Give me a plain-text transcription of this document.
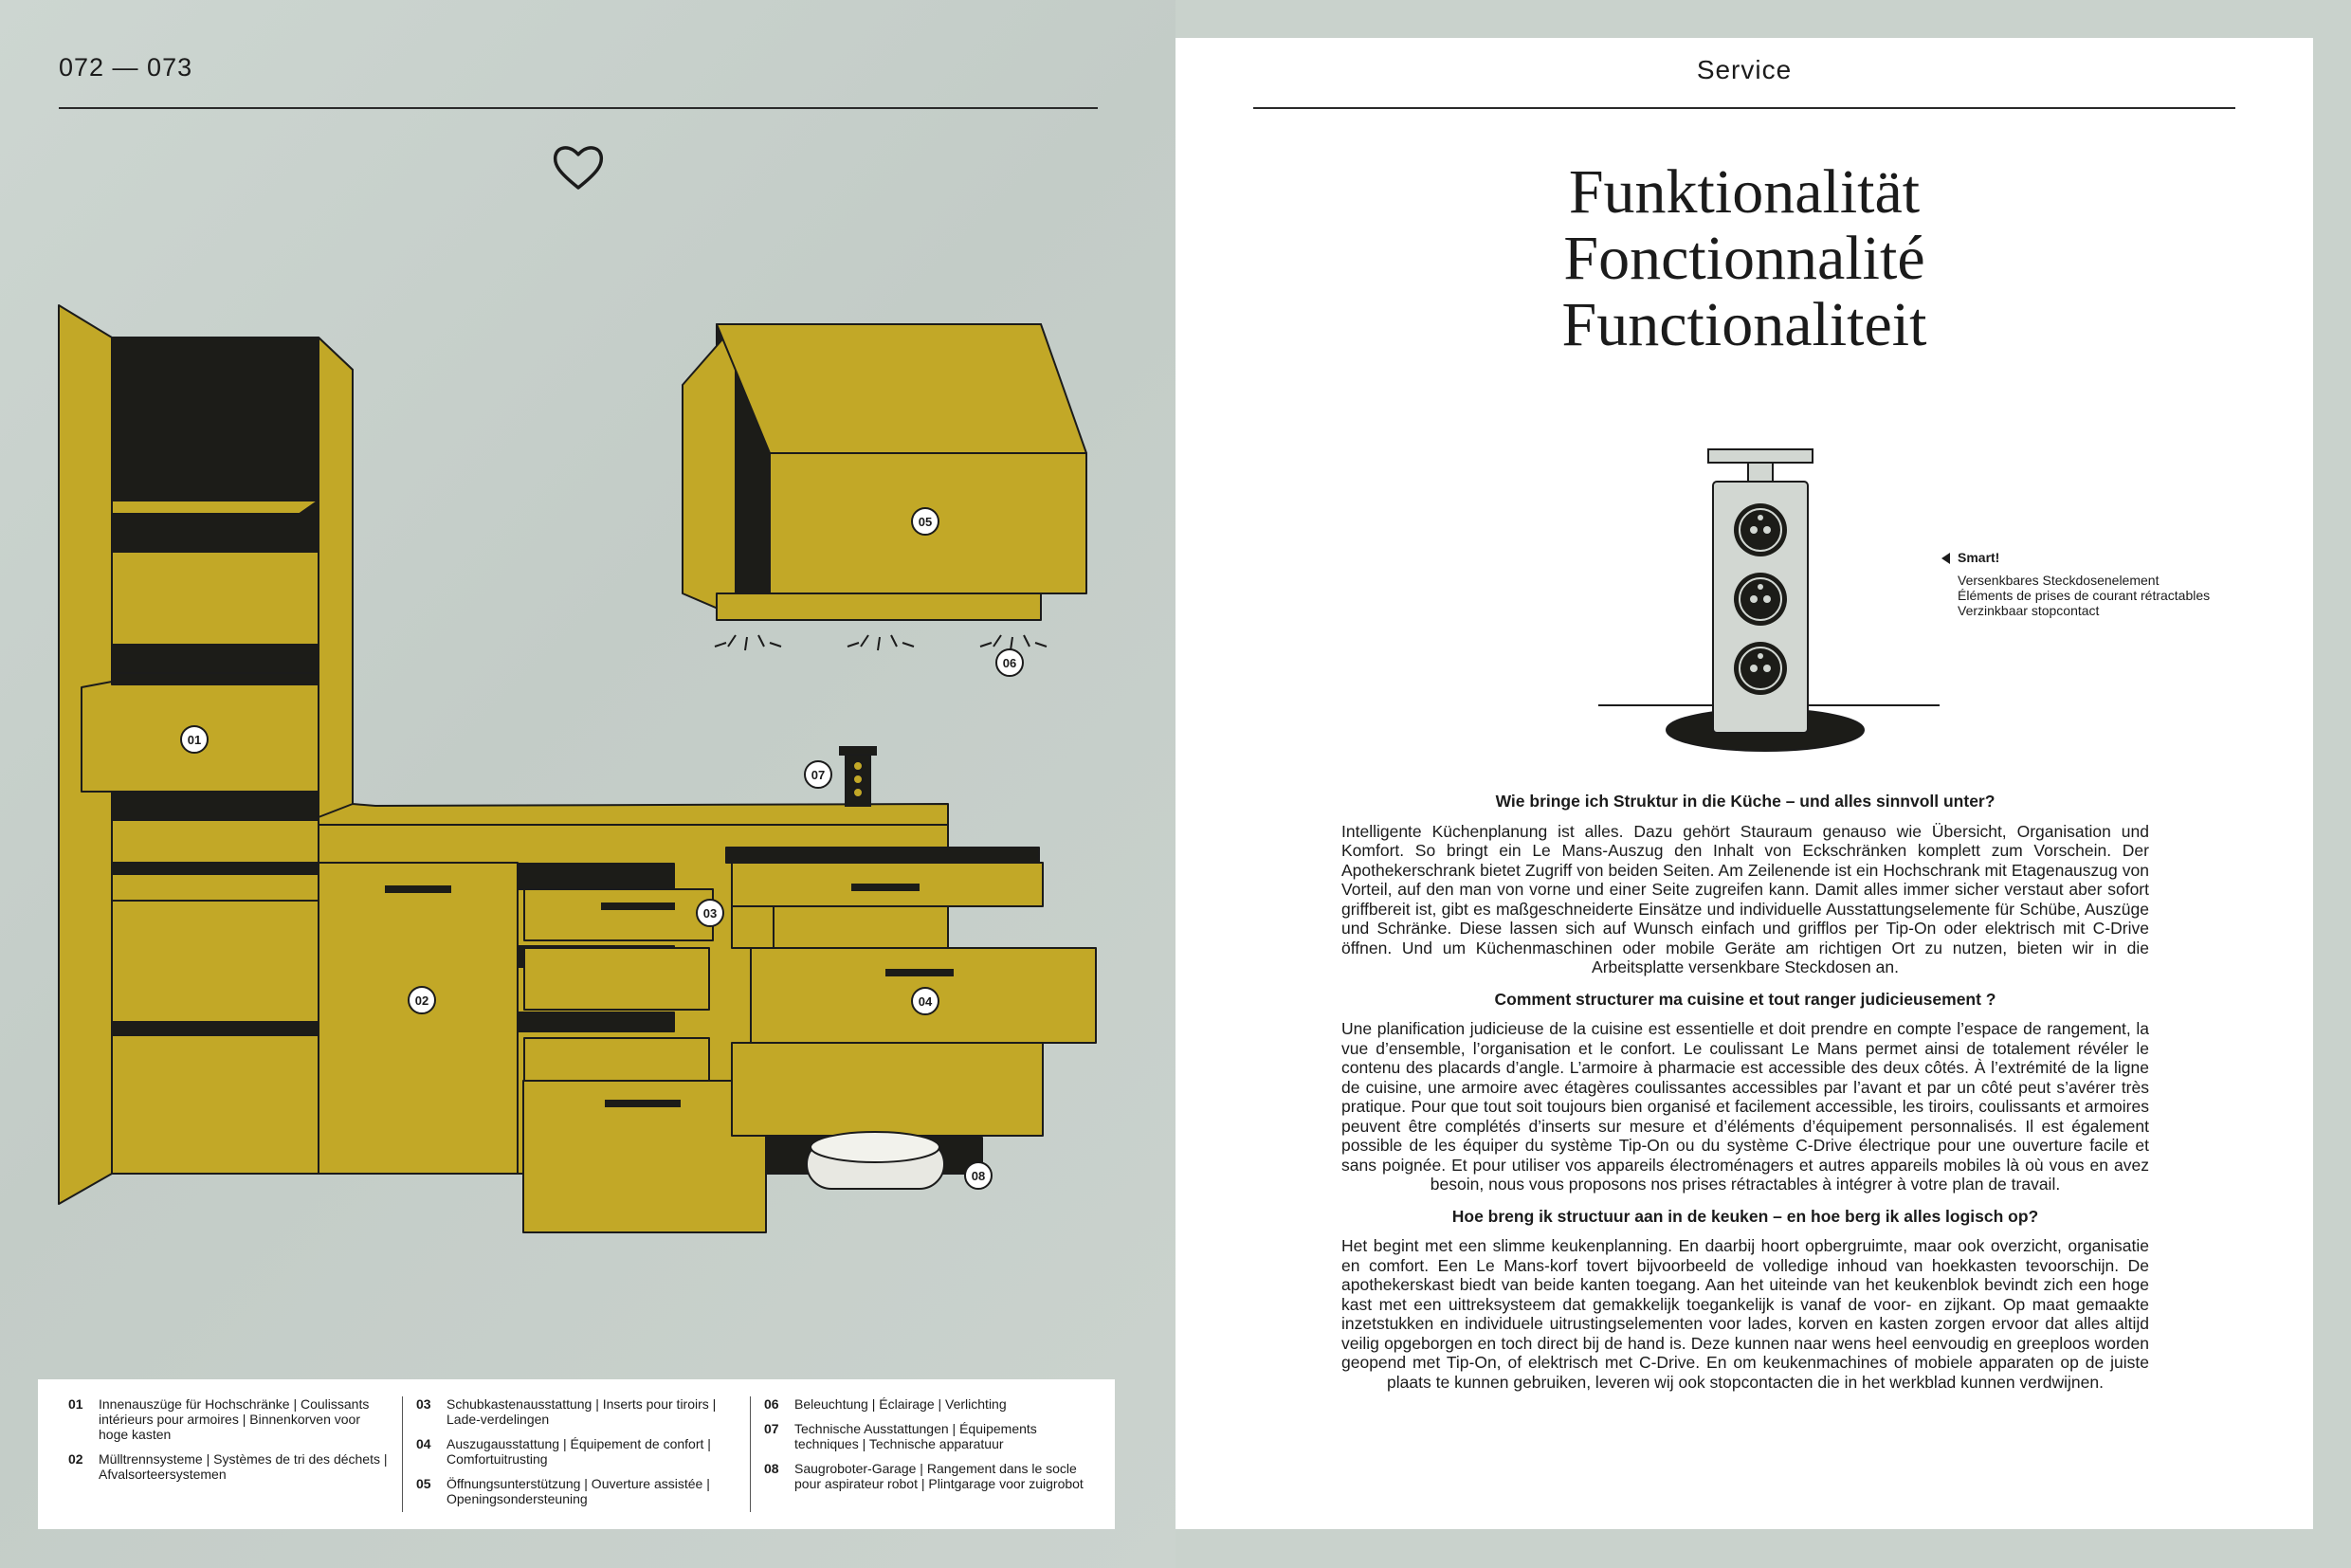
072 — 073
01
02
03
04
05
06
07
08
01	Innenauszüge für Hochschränke | Coulissants intérieurs pour armoires | Binnenkorven voor hoge kasten
02	Mülltrennsysteme | Systèmes de tri des déchets | Afvalsorteersystemen
03	Schubkastenausstattung | Inserts pour tiroirs | Lade-verdelingen
04	Auszugausstattung | Équipement de confort | Comfortuitrusting
05	Öffnungsunterstützung | Ouverture assistée | Openingsondersteuning
06	Beleuchtung | Éclairage | Verlichting
07	Technische Ausstattungen | Équipements techniques | Technische apparatuur
08	Saugroboter-Garage | Rangement dans le socle pour aspirateur robot | Plintgarage voor zuigrobot
Service
Funktionalität
Fonctionnalité
Functionaliteit
Smart!
Versenkbares Steckdosenelement
Éléments de prises de courant rétractables
Verzinkbaar stopcontact
Wie bringe ich Struktur in die Küche – und alles sinnvoll unter?

Intelligente Küchenplanung ist alles. Dazu gehört Stauraum genauso wie Übersicht, Organisation und Komfort. So bringt ein Le Mans-Auszug den Inhalt von Eckschränken komplett zum Vorschein. Der Apothekerschrank bietet Zugriff von beiden Seiten. Am Zeilenende ist ein Hochschrank mit Etagenauszug von Vorteil, auf den man von vorne und einer Seite zugreifen kann. Damit alles immer sicher verstaut aber sofort griffbereit ist, gibt es maßgeschneiderte Einsätze und individuelle Ausstattungselemente für Schübe, Auszüge und Schränke. Diese lassen sich auf Wunsch einfach und grifflos per Tip-On oder elektrisch mit C-Drive öffnen. Und um Küchenmaschinen oder mobile Geräte am richtigen Ort zu nutzen, bieten wir in die Arbeitsplatte versenkbare Steckdosen an.

Comment structurer ma cuisine et tout ranger judicieusement ?

Une planification judicieuse de la cuisine est essentielle et doit prendre en compte l’espace de rangement, la vue d’ensemble, l’organisation et le confort. Le coulissant Le Mans permet ainsi de totalement révéler le contenu des placards d’angle. L’armoire à pharmacie est accessible des deux côtés. À l’extrémité de la ligne de cuisine, une armoire avec étagères coulissantes accessibles par l’avant et par un côté peut s’avérer très pratique. Pour que tout soit toujours bien organisé et facilement accessible, les tiroirs, coulissants et armoires peuvent être complétés d’inserts sur mesure et d’éléments d’équipement personnalisés. Il est également possible de les équiper du système Tip-On ou du système C-Drive électrique pour une ouverture facile et sans poignée. Et pour utiliser vos appareils électroménagers et autres appareils mobiles là où vous en avez besoin, nous vous proposons nos prises rétractables à intégrer à votre plan de travail.

Hoe breng ik structuur aan in de keuken – en hoe berg ik alles logisch op?

Het begint met een slimme keukenplanning. En daarbij hoort opbergruimte, maar ook overzicht, organisatie en comfort. Een Le Mans-korf tovert bijvoorbeeld de volledige inhoud van hoekkasten tevoorschijn. De apothekerskast biedt van beide kanten toegang. Aan het uiteinde van het keukenblok bevindt zich een hoge kast met een uittreksysteem dat gemakkelijk toegankelijk is vanaf de voor- en zijkant. Op maat gemaakte inzetstukken en individuele uitrustingselementen voor lades, korven en kasten zorgen ervoor dat alles altijd veilig opgeborgen en toch direct bij de hand is. Deze kunnen naar wens heel eenvoudig en greeploos worden geopend met Tip-On, of elektrisch met C-Drive. En om keukenmachines of mobiele apparaten op de juiste plaats te kunnen gebruiken, leveren wij ook stopcontacten die in het werkblad kunnen verdwijnen.
